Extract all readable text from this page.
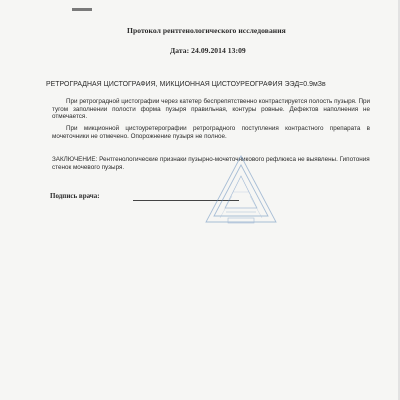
Протокол рентгенологического исследования
Дата: 24.09.2014 13:09
РЕТРОГРАДНАЯ ЦИСТОГРАФИЯ, МИКЦИОННАЯ ЦИСТОУРЕОГРАФИЯ ЭЭД=0.9мЗв
При ретроградной цистографии через катетер беспрепятственно контрастируется полость пузыря. При тугом заполнении полости форма пузыря правильная, контуры ровные. Дефектов наполнения не отмечается.
При микционной цистоуретерографии ретроградного поступления контрастного препарата в мочеточники не отмечено. Опорожнение пузыря не полное.
ЗАКЛЮЧЕНИЕ: Рентгенологические признаки пузырно-мочеточникового рефлюкса не выявлены. Гипотония стенок мочевого пузыря.
Подпись врача:
